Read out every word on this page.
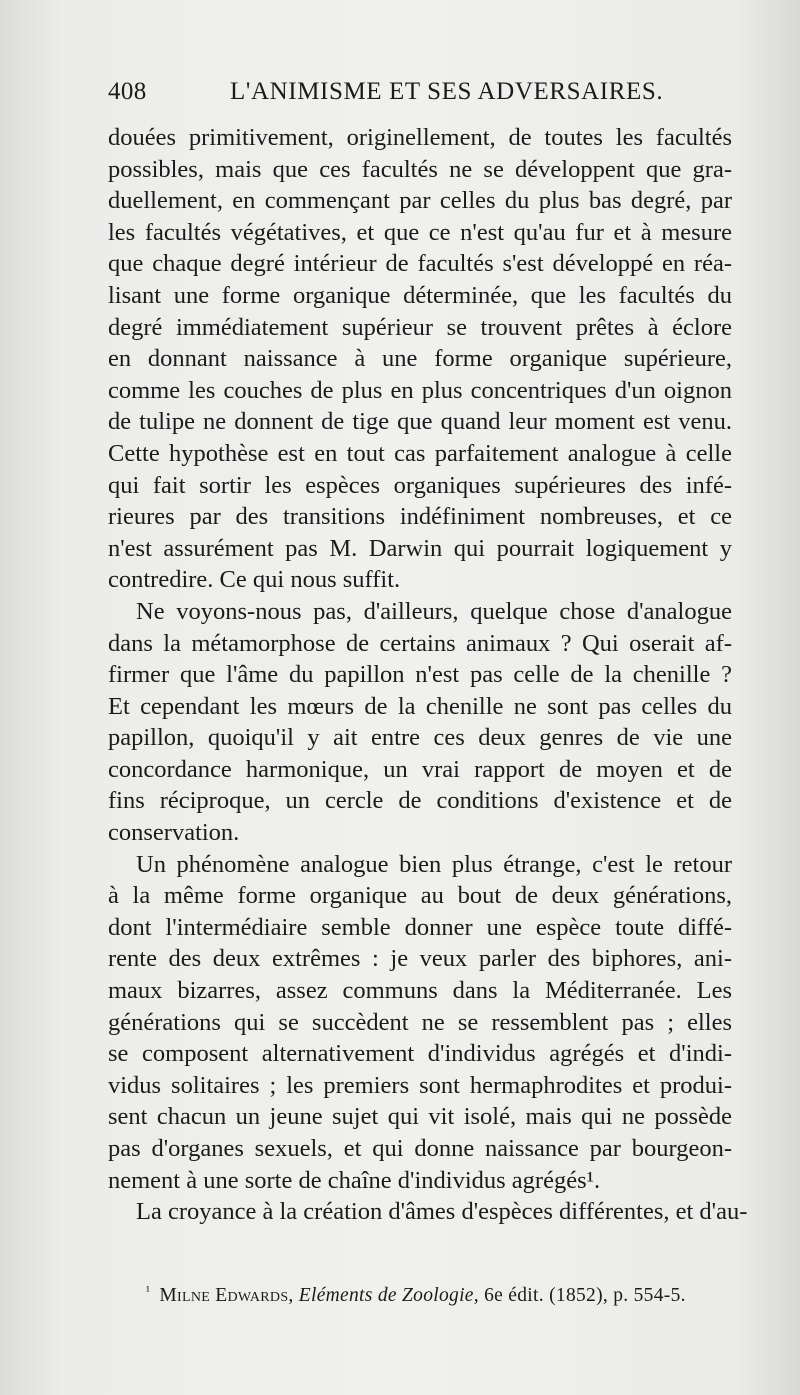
408	L'ANIMISME ET SES ADVERSAIRES.
douées primitivement, originellement, de toutes les facultés
possibles, mais que ces facultés ne se développent que gra-
duellement, en commençant par celles du plus bas degré, par
les facultés végétatives, et que ce n'est qu'au fur et à mesure
que chaque degré intérieur de facultés s'est développé en réa-
lisant une forme organique déterminée, que les facultés du
degré immédiatement supérieur se trouvent prêtes à éclore
en donnant naissance à une forme organique supérieure,
comme les couches de plus en plus concentriques d'un oignon
de tulipe ne donnent de tige que quand leur moment est venu.
Cette hypothèse est en tout cas parfaitement analogue à celle
qui fait sortir les espèces organiques supérieures des infé-
rieures par des transitions indéfiniment nombreuses, et ce
n'est assurément pas M. Darwin qui pourrait logiquement y
contredire. Ce qui nous suffit.
Ne voyons-nous pas, d'ailleurs, quelque chose d'analogue
dans la métamorphose de certains animaux ? Qui oserait af-
firmer que l'âme du papillon n'est pas celle de la chenille ?
Et cependant les mœurs de la chenille ne sont pas celles du
papillon, quoiqu'il y ait entre ces deux genres de vie une
concordance harmonique, un vrai rapport de moyen et de
fins réciproque, un cercle de conditions d'existence et de
conservation.
Un phénomène analogue bien plus étrange, c'est le retour
à la même forme organique au bout de deux générations,
dont l'intermédiaire semble donner une espèce toute diffé-
rente des deux extrêmes : je veux parler des biphores, ani-
maux bizarres, assez communs dans la Méditerranée. Les
générations qui se succèdent ne se ressemblent pas ; elles
se composent alternativement d'individus agrégés et d'indi-
vidus solitaires ; les premiers sont hermaphrodites et produi-
sent chacun un jeune sujet qui vit isolé, mais qui ne possède
pas d'organes sexuels, et qui donne naissance par bourgeon-
nement à une sorte de chaîne d'individus agrégés¹.
La croyance à la création d'âmes d'espèces différentes, et d'au-
$^{^1}$ Milne Edwards, Eléments de Zoologie, 6e édit. (1852), p. 554-5.
